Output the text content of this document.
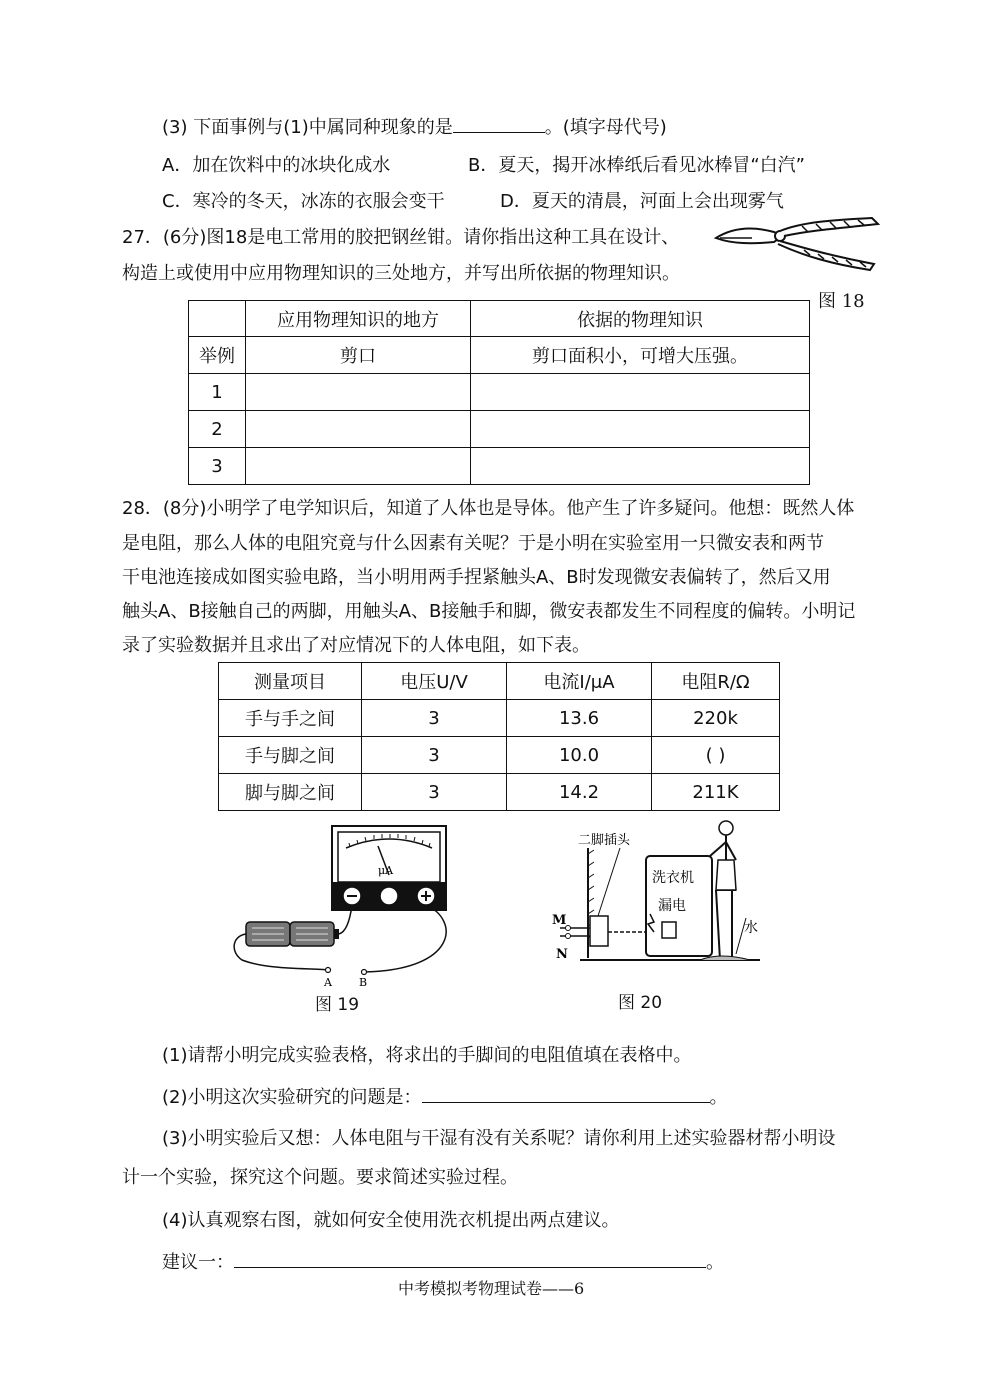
(3) 下面事例与(1)中属同种现象的是	。(填字母代号)
A．加在饮料中的冰块化成水	B．夏天，揭开冰棒纸后看见冰棒冒“白汽”
C．寒冷的冬天，冰冻的衣服会变干	D．夏天的清晨，河面上会出现雾气
27．(6分)图18是电工常用的胶把钢丝钳。请你指出这种工具在设计、
构造上或使用中应用物理知识的三处地方，并写出所依据的物理知识。
图 18
	应用物理知识的地方	依据的物理知识
举例	剪口	剪口面积小，可增大压强。
1		
2		
3		
28．(8分)小明学了电学知识后，知道了人体也是导体。他产生了许多疑问。他想：既然人体
是电阻，那么人体的电阻究竟与什么因素有关呢？于是小明在实验室用一只微安表和两节
干电池连接成如图实验电路，当小明用两手捏紧触头A、B时发现微安表偏转了，然后又用
触头A、B接触自己的两脚，用触头A、B接触手和脚，微安表都发生不同程度的偏转。小明记
录了实验数据并且求出了对应情况下的人体电阻，如下表。
测量项目	电压U/V	电流I/μA	电阻R/Ω
手与手之间	3	13.6	220k
手与脚之间	3	10.0	( )
脚与脚之间	3	14.2	211K
μA
A B
图 19
二脚插头
M
N
洗衣机
漏电
水
图 20
(1)请帮小明完成实验表格，将求出的手脚间的电阻值填在表格中。
(2)小明这次实验研究的问题是：	。
(3)小明实验后又想：人体电阻与干湿有没有关系呢？请你利用上述实验器材帮小明设
计一个实验，探究这个问题。要求简述实验过程。
(4)认真观察右图，就如何安全使用洗衣机提出两点建议。
建议一：	。
中考模拟考物理试卷——6
